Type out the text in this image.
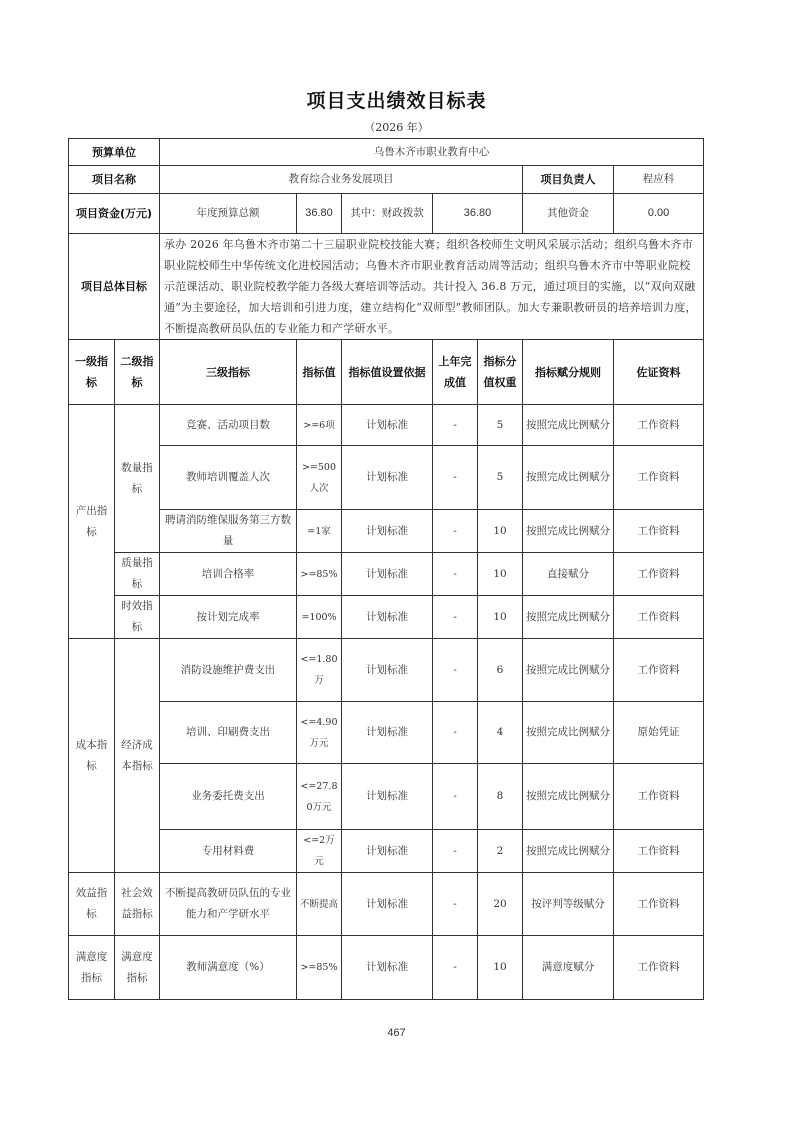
项目支出绩效目标表
（2026 年）
预算单位		乌鲁木齐市职业教育中心						
项目名称		教育综合业务发展项目					项目负责人	程应科
项目资金(万元)		年度预算总额	36.80	其中：财政拨款	36.80		其他资金	0.00
项目总体目标		承办 2026 年乌鲁木齐市第二十三届职业院校技能大赛；组织各校师生文明风采展示活动；组织乌鲁木齐市职业院校师生中华传统文化进校园活动；乌鲁木齐市职业教育活动周等活动；组织乌鲁木齐市中等职业院校示范课活动、职业院校教学能力各级大赛培训等活动。共计投入 36.8 万元，通过项目的实施，以“双向双融通”为主要途径，加大培训和引进力度，建立结构化“双师型”教师团队。加大专兼职教研员的培养培训力度，不断提高教研员队伍的专业能力和产学研水平。						
一级指标	二级指标	三级指标	指标值	指标值设置依据	上年完成值	指标分值权重	指标赋分规则	佐证资料
产出指标	数量指标	竞赛、活动项目数	>=6项	计划标准	-	5	按照完成比例赋分	工作资料
		教师培训覆盖人次	>=500人次	计划标准	-	5	按照完成比例赋分	工作资料
		聘请消防维保服务第三方数量	=1家	计划标准	-	10	按照完成比例赋分	工作资料
	质量指标	培训合格率	>=85%	计划标准	-	10	直接赋分	工作资料
	时效指标	按计划完成率	=100%	计划标准	-	10	按照完成比例赋分	工作资料
成本指标	经济成本指标	消防设施维护费支出	<=1.80万	计划标准	-	6	按照完成比例赋分	工作资料
		培训、印刷费支出	<=4.90万元	计划标准	-	4	按照完成比例赋分	原始凭证
		业务委托费支出	<=27.80万元	计划标准	-	8	按照完成比例赋分	工作资料
		专用材料费	<=2万元	计划标准	-	2	按照完成比例赋分	工作资料
效益指标	社会效益指标	不断提高教研员队伍的专业能力和产学研水平	不断提高	计划标准	-	20	按评判等级赋分	工作资料
满意度指标	满意度指标	教师满意度（%）	>=85%	计划标准	-	10	满意度赋分	工作资料
467
